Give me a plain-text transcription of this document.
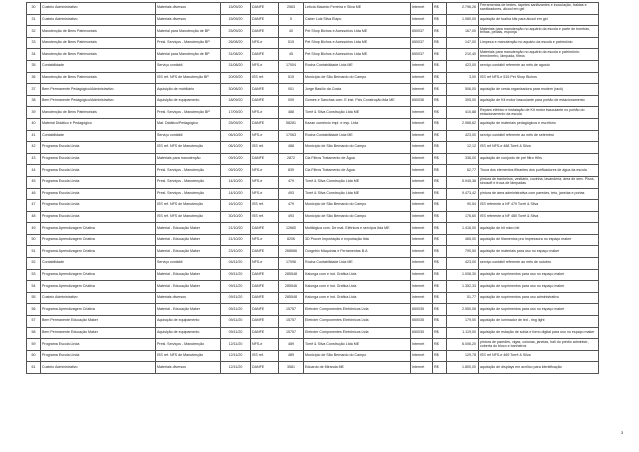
30	Custeio Administrativo	Materiais diversos	15/09/20	DANFE	2563	Letícia Macedo Ferreira e Silva ME	Internet	R$	2.796,26	Ferramentas de testes, tapetes sanitizantes e inoculação, fraldas e sanitizadores, álcool em gel
31	Custeio Administrativo	Materiais diversos	15/09/20	DANFE	5	Caber Luis Silva Elapo	Internet	R$	1.080,00	aquisição de toalha kits para álcool em gel
32	Manutenção de Bens Patrimoniais	Material para Manutenção de BP	25/09/20	DANFE	40	Pet Shop Bichos e Acessórios Ltda ME	650037	R$	167,00	Materiais para manutenção no aquário da escola e parte de bombas, telhas, pedais, esponja
33	Manutenção de Bens Patrimoniais	Presl. Serviços - Manutenção BP	26/08/20	NFS-e	515	Pet Shop Bichos e Acessórios Ltda ME	650037	R$	147,00	Limpeza e manutenção no aquário da escola e patrimônio
34	Manutenção de Bens Patrimoniais	Material para Manutenção de BP	31/08/20	DANFE	45	Pet Shop Bichos e Acessórios Ltda ME	650037	R$	210,40	Materiais para manutenção no aquário da escola e patrimônio: termômetro, lâmpada, filtros
35	Contabilidade	Serviço contábil	31/08/20	NFS-e	17004	Rocha Contabilidade Ltda ME	Internet	R$	423,00	serviço contábil referente ao mês de agosto
36	Manutenção de Bens Patrimoniais	ISS ref. NFS de Manutenção BP	20/09/20	ISS ref.	515	Município de São Bernardo do Campo	Internet	R$	3,00	ISS ref NFS-e 515 Pet Shop Bichos
37	Bem Permanente Pedagógico/Administrativo	Aquisição de mobiliário	30/08/20	DANFE	001	Jorge Basílio da Costa	Internet	R$	506,00	aquisição de cesta organizadora para modem (rack)
38	Bem Permanente Pedagógico/Administrativo	Aquisição de equipamento	18/09/20	DANFE	009	Gomes e Sanchas com. E inst. Pcis Construção ltda ME	650036	R$	305,00	aquisição de Kit motor basculante para portão de estacionamento
39	Manutenção de Bens Patrimoniais	Presl. Serviços - Manutenção BP	17/09/20	NFS-e	488	Torrê & Silva Construção Ltda ME	Internet	R$	410,88	Reparo elétrico e instalação de Kit motor basculante no portão do estacionamento da escola
40	Material Didático e Pedagógico	Mat. Didático/Pedagógico	25/09/20	DANFE	58281	Kazan comércio impl. e esp. Ltda	Internet	R$	2.968,62	aquisição de materiais pedagógicos e escritório
41	Contabilidade	Serviço contábil	06/10/20	NFS-e	17063	Rocha Contabilidade Ltda ME	Internet	R$	423,00	serviço contábil referente ao mês de setembro
42	Programa Escola Linda	ISS ref. NFS de Manutenção	06/10/20	ISS ref.	488	Município de São Bernardo do Campo	Internet	R$	12,12	ISS ref NFS-e 488 Torrê & Silva
43	Programa Escola Linda	Materiais para manutenção	09/10/20	DANFE	2872	Cia Filtros Tratamento de Água	Internet	R$	336,00	aquisição de conjunto de pré filtro Hihs
44	Programa Escola Linda	Presl. Serviços - Manutenção	09/10/20	NFS-e	839	Cia Filtros Tratamento de Água	Internet	R$	62,77	Troca dos elementos filtrantes dos purificadores de água da escola
45	Programa Escola Linda	Presl. Serviços - Manutenção	14/10/20	NFS-e	479	Torrê & Silva Construção Ltda ME	Internet	R$	5.945,36	pintura de banheiros, vestiário, cozinha, lavanderia, área de serv. Pisos, sinosoft e troca de lâmpadas
46	Programa Escola Linda	Presl. Serviços - Manutenção	14/10/20	NFS-e	493	Torrê & Silva Construção Ltda ME	Internet	R$	9.473,42	pintura de área administrativa com paredes, teto, janelas e portas
47	Programa Escola Linda	ISS ref. NFS de Manutenção	16/10/20	ISS ref.	479	Município de São Bernardo do Campo	Internet	R$	90,54	ISS referente a NF 479 Torrê & Silva
48	Programa Escola Linda	ISS ref. NFS de Manutenção	30/10/20	ISS ref.	493	Município de São Bernardo do Campo	Internet	R$	176,60	ISS referente a NF 480 Torrê & Silva
49	Programa Aprendizagem Criativa	Material - Educação Maker	21/10/20	DANFE	12660	Multilógica com. De mat. Elétricos e serviços ltda ME	Internet	R$	1.416,00	aquisição de kit micro bit
50	Programa Aprendizagem Criativa	Material - Educação Maker	21/10/20	NFS-e	8206	3D Procer Importação e exportação ltda	Internet	R$	465,00	aquisição de filamentos pra Impressora no espaço maker
51	Programa Aprendizagem Criativa	Material - Educação Maker	23/10/20	DANFE	268566	Ourgetrix Máquinas e Ferramentas B.A	Internet	R$	790,50	aquisição de materiais para uso no espaço maker
52	Contabilidade	Serviço contábil	04/11/20	NFS-e	17096	Rocha Contabilidade Ltda ME	Internet	R$	423,00	serviço contábil referente ao mês de outubro
53	Programa Aprendizagem Criativa	Material - Educação Maker	09/11/20	DANFE	285548	Kalunga com e ind. Gráfica Ltda	Internet	R$	1.008,30	aquisição de suprimentos para uso no espaço maker
54	Programa Aprendizagem Criativa	Material - Educação Maker	09/11/20	DANFE	285546	Kalunga com e ind. Gráfica Ltda	Internet	R$	1.352,33	aquisição de suprimentos para uso no espaço maker
55	Custeio Administrativo	Materiais diversos	09/11/20	DANFE	285548	Kalunga com e ind. Gráfica Ltda	Internet	R$	51,77	aquisição de suprimentos para uso administrativo
56	Programa Aprendizagem Criativa	Material - Educação Maker	09/11/20	DANFE	15757	Eletroler Componentes Eletrônicos Ltda	650035	R$	2.550,06	aquisição de suprimentos para uso no espaço maker
57	Bem Permanente Educação Maker	Aquisição de equipamento	09/11/20	DANFE	15757	Eletroler Componentes Eletrônicos Ltda	650035	R$	179,00	aquisição de luminador de led - ring light
58	Bem Permanente Educação Maker	Aquisição de equipamento	09/11/20	DANFE	15757	Eletroler Componentes Eletrônicos Ltda	650035	R$	1.119,00	aquisição de estação de solda e forno digital para uso no espaço maker
59	Programa Escola Linda	Presl. Serviços - Manutenção	12/11/20	NFS-e	489	Torrê & Silva Construção Ltda ME	Internet	R$	6.006,20	pintura de paredes, vigas, colunas, janelas, hall do prédio administr., coberta do bloco e banheiros
60	Programa Escola Linda	ISS ref. NFS de Manutenção	12/11/20	ISS ref.	489	Município de São Bernardo do Campo	Internet	R$	129,78	ISS ref NFS-e 489 Torrê & Silva
61	Custeio Administrativo	Materiais diversos	12/11/20	DANFE	3581	Eduardo de Miranda ME	Internet	R$	1.800,00	aquisição de displays em acrílico para identificação
3
